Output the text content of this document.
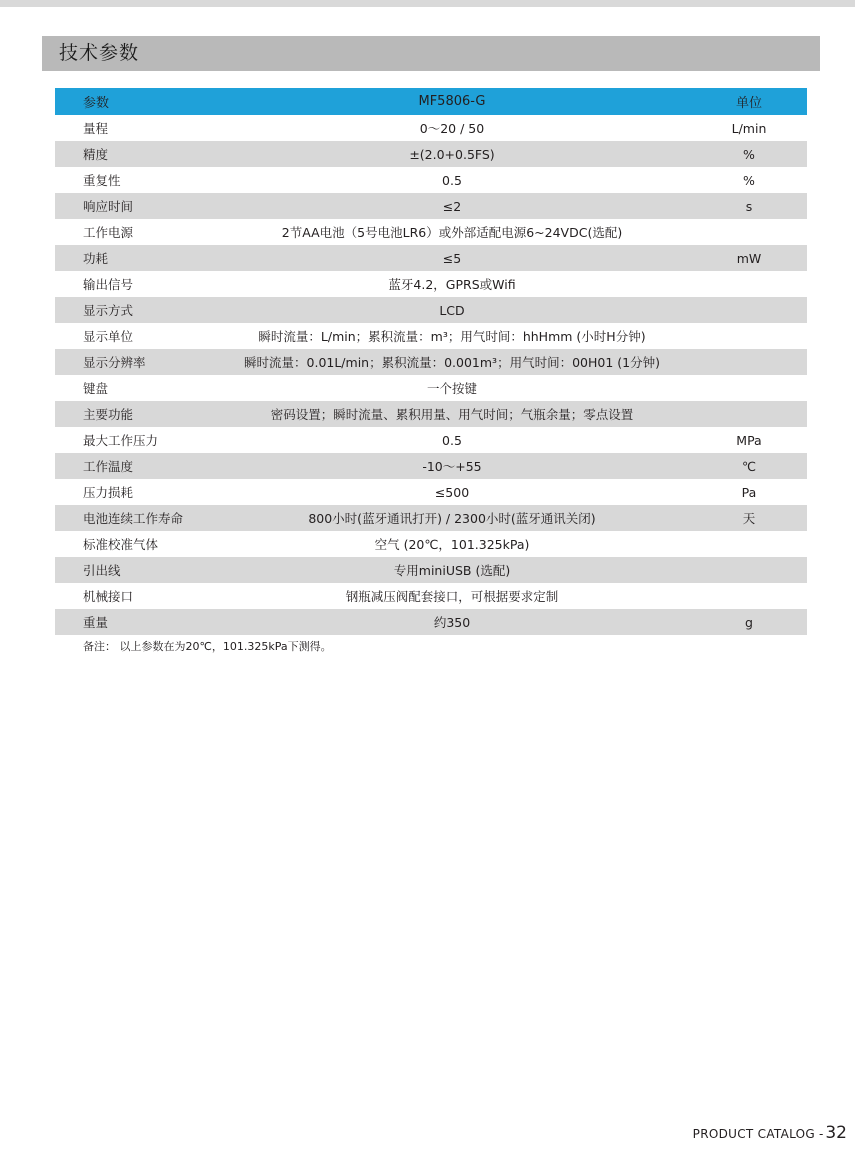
技术参数
参数	MF5806-G	单位
量程	0〜20 / 50	L/min
精度	±(2.0+0.5FS)	%
重复性	0.5	%
响应时间	≤2	s
工作电源	2节AA电池（5号电池LR6）或外部适配电源6~24VDC(选配)	
功耗	≤5	mW
输出信号	蓝牙4.2，GPRS或Wifi	
显示方式	LCD	
显示单位	瞬时流量：L/min；累积流量：m³；用气时间：hhHmm (小时H分钟)	
显示分辨率	瞬时流量：0.01L/min；累积流量：0.001m³；用气时间：00H01 (1分钟)	
键盘	一个按键	
主要功能	密码设置；瞬时流量、累积用量、用气时间；气瓶余量；零点设置	
最大工作压力	0.5	MPa
工作温度	-10〜+55	℃
压力损耗	≤500	Pa
电池连续工作寿命	800小时(蓝牙通讯打开) / 2300小时(蓝牙通讯关闭)	天
标准校准气体	空气 (20℃，101.325kPa)	
引出线	专用miniUSB (选配)	
机械接口	钢瓶减压阀配套接口，可根据要求定制	
重量	约350	g
备注： 以上参数在为20℃，101.325kPa下测得。
PRODUCT CATALOG - 32
